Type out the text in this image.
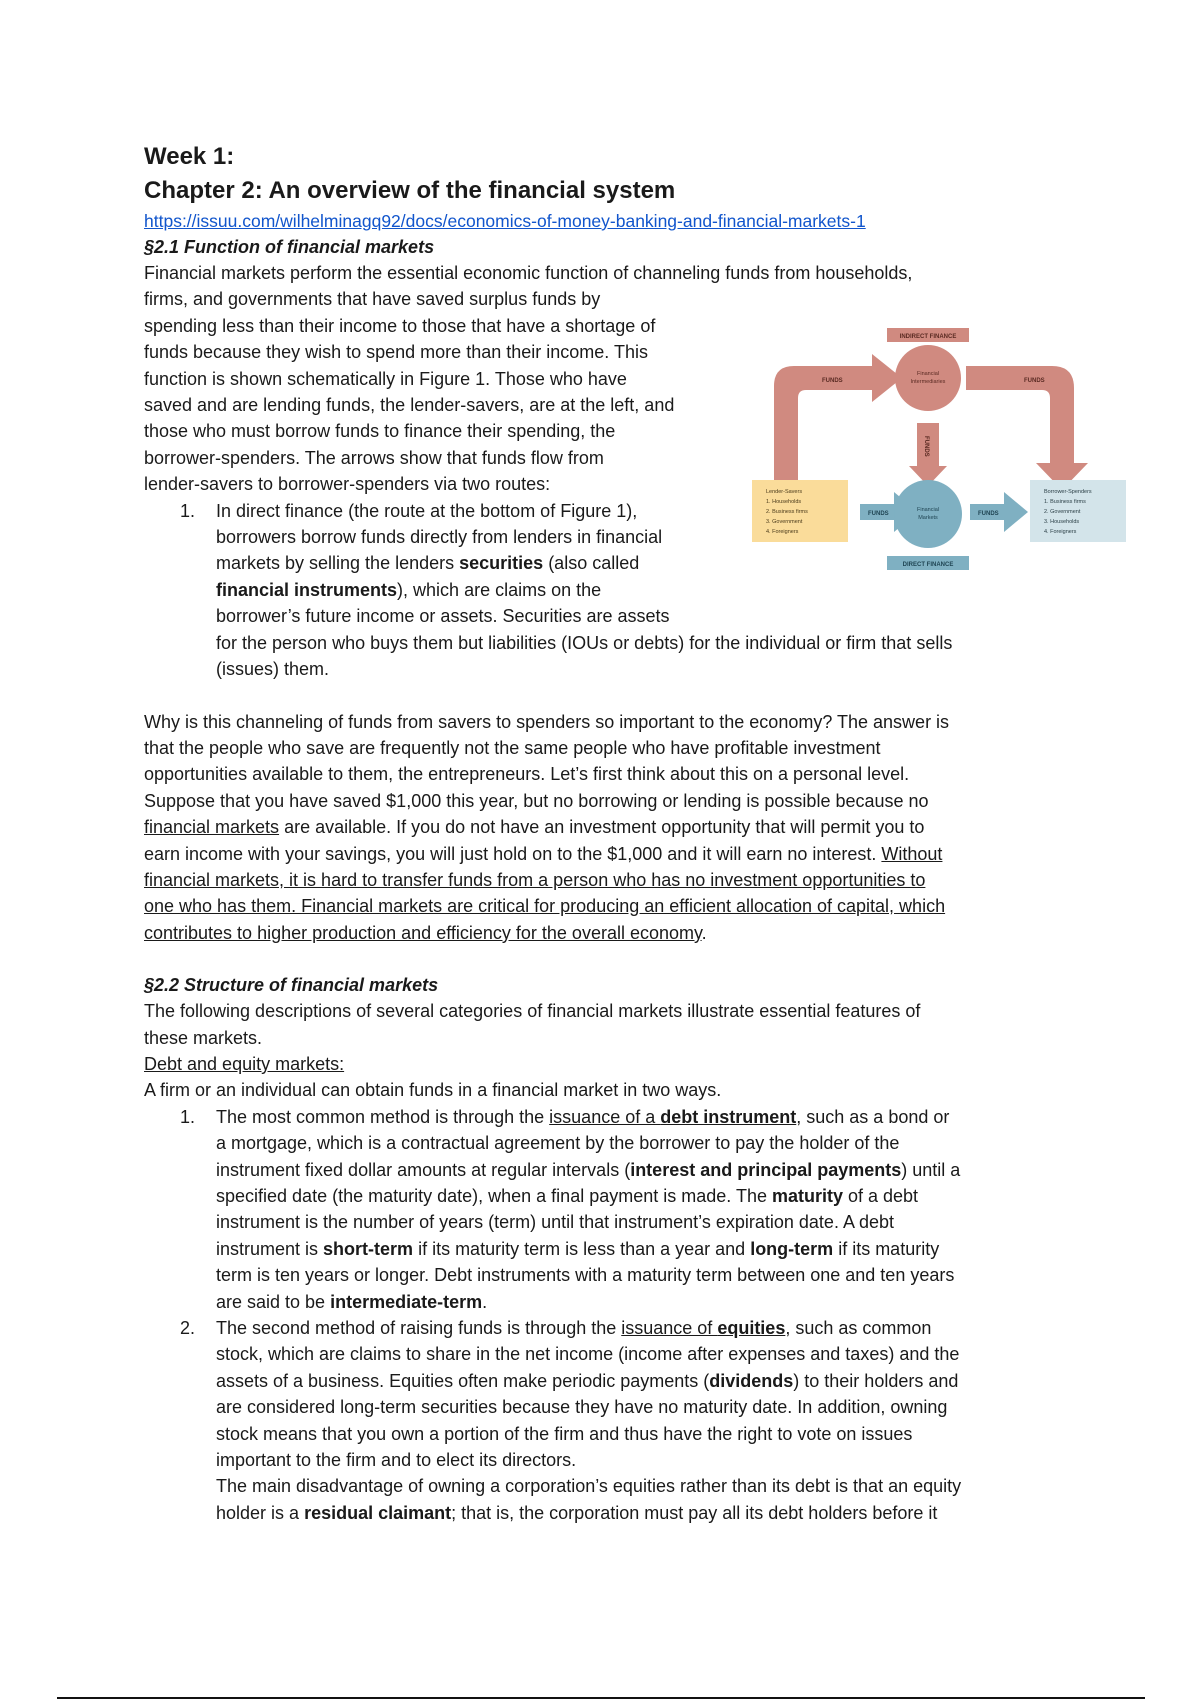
Week 1:
Chapter 2: An overview of the financial system
https://issuu.com/wilhelminagq92/docs/economics-of-money-banking-and-financial-markets-1
§2.1 Function of financial markets

Financial markets perform the essential economic function of channeling funds from households,

firms, and governments that have saved surplus funds by

spending less than their income to those that have a shortage of

funds because they wish to spend more than their income. This

function is shown schematically in Figure 1. Those who have

saved and are lending funds, the lender-savers, are at the left, and

those who must borrow funds to finance their spending, the

borrower-spenders. The arrows show that funds flow from

lender-savers to borrower-spenders via two routes:

1. In direct finance (the route at the bottom of Figure 1),
borrowers borrow funds directly from lenders in financial
markets by selling the lenders securities (also called
financial instruments), which are claims on the
borrower’s future income or assets. Securities are assets
for the person who buys them but liabilities (IOUs or debts) for the individual or firm that sells
(issues) them.

Why is this channeling of funds from savers to spenders so important to the economy? The answer is

that the people who save are frequently not the same people who have profitable investment

opportunities available to them, the entrepreneurs. Let’s first think about this on a personal level.

Suppose that you have saved $1,000 this year, but no borrowing or lending is possible because no

financial markets are available. If you do not have an investment opportunity that will permit you to

earn income with your savings, you will just hold on to the $1,000 and it will earn no interest. Without

financial markets, it is hard to transfer funds from a person who has no investment opportunities to

one who has them. Financial markets are critical for producing an efficient allocation of capital, which

contributes to higher production and efficiency for the overall economy.

§2.2 Structure of financial markets

The following descriptions of several categories of financial markets illustrate essential features of

these markets.

Debt and equity markets:

A firm or an individual can obtain funds in a financial market in two ways.

1. The most common method is through the issuance of a debt instrument, such as a bond or
a mortgage, which is a contractual agreement by the borrower to pay the holder of the
instrument fixed dollar amounts at regular intervals (interest and principal payments) until a
specified date (the maturity date), when a final payment is made. The maturity of a debt
instrument is the number of years (term) until that instrument’s expiration date. A debt
instrument is short-term if its maturity term is less than a year and long-term if its maturity
term is ten years or longer. Debt instruments with a maturity term between one and ten years
are said to be intermediate-term.
2. The second method of raising funds is through the issuance of equities, such as common
stock, which are claims to share in the net income (income after expenses and taxes) and the
assets of a business. Equities often make periodic payments (dividends) to their holders and
are considered long-term securities because they have no maturity date. In addition, owning
stock means that you own a portion of the firm and thus have the right to vote on issues
important to the firm and to elect its directors.
The main disadvantage of owning a corporation’s equities rather than its debt is that an equity
holder is a residual claimant; that is, the corporation must pay all its debt holders before it
FUNDS
Financial
Intermediaries
INDIRECT FINANCE
FUNDS
FUNDS
Lender-Savers
1. Households
2. Business firms
3. Government
4. Foreigners
FUNDS
Financial
Markets
FUNDS
Borrower-Spenders
1. Business firms
2. Government
3. Households
4. Foreigners
DIRECT FINANCE
